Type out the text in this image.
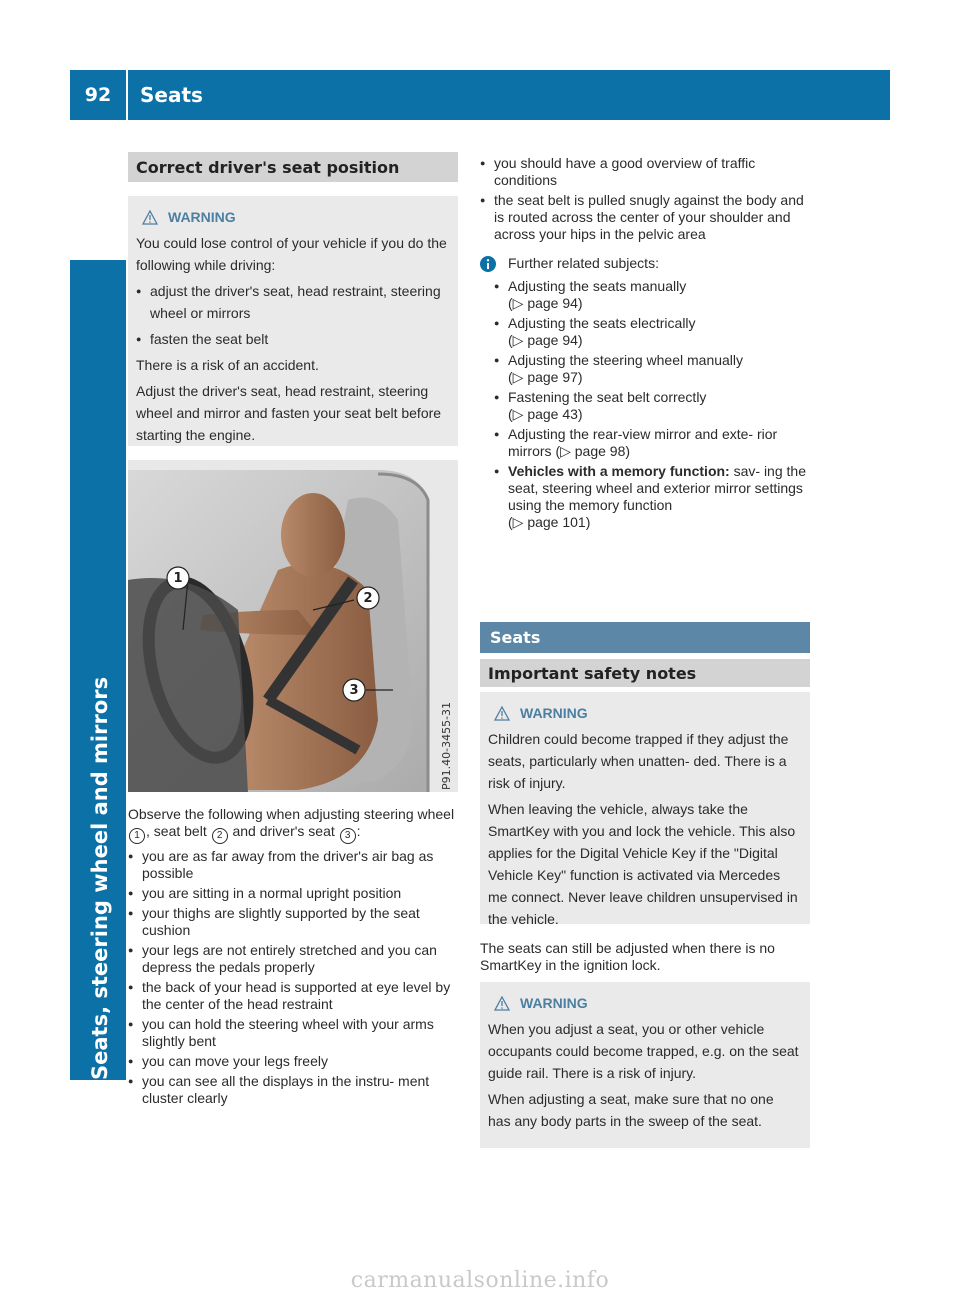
92	Seats
Seats, steering wheel and mirrors
Correct driver's seat position
WARNING

You could lose control of your vehicle if you do the following while driving:

● adjust the driver's seat, head restraint, steering wheel or mirrors
● fasten the seat belt

There is a risk of an accident.

Adjust the driver's seat, head restraint, steering wheel and mirror and fasten your seat belt before starting the engine.

1
2
3
P91.40-3455-31

Observe the following when adjusting steering wheel 1 , seat belt 2 and driver's seat 3 :

● you are as far away from the driver's air bag as possible
● you are sitting in a normal upright position
● your thighs are slightly supported by the seat cushion
● your legs are not entirely stretched and you can depress the pedals properly
● the back of your head is supported at eye level by the center of the head restraint
● you can hold the steering wheel with your arms slightly bent
● you can move your legs freely
● you can see all the displays in the instru- ment cluster clearly
● you should have a good overview of traffic conditions
● the seat belt is pulled snugly against the body and is routed across the center of your shoulder and across your hips in the pelvic area
Further related subjects:
● Adjusting the seats manually
(▷ page 94)
● Adjusting the seats electrically
(▷ page 94)
● Adjusting the steering wheel manually
(▷ page 97)
● Fastening the seat belt correctly
(▷ page 43)
● Adjusting the rear-view mirror and exte- rior mirrors (▷ page 98)
● Vehicles with a memory function: sav- ing the seat, steering wheel and exterior mirror settings using the memory function
(▷ page 101)
Seats
Important safety notes
WARNING

Children could become trapped if they adjust the seats, particularly when unatten- ded. There is a risk of injury.

When leaving the vehicle, always take the SmartKey with you and lock the vehicle. This also applies for the Digital Vehicle Key if the "Digital Vehicle Key" function is activated via Mercedes me connect. Never leave children unsupervised in the vehicle.

The seats can still be adjusted when there is no SmartKey in the ignition lock.

WARNING

When you adjust a seat, you or other vehicle occupants could become trapped, e.g. on the seat guide rail. There is a risk of injury.

When adjusting a seat, make sure that no one has any body parts in the sweep of the seat.

carmanualsonline.info
